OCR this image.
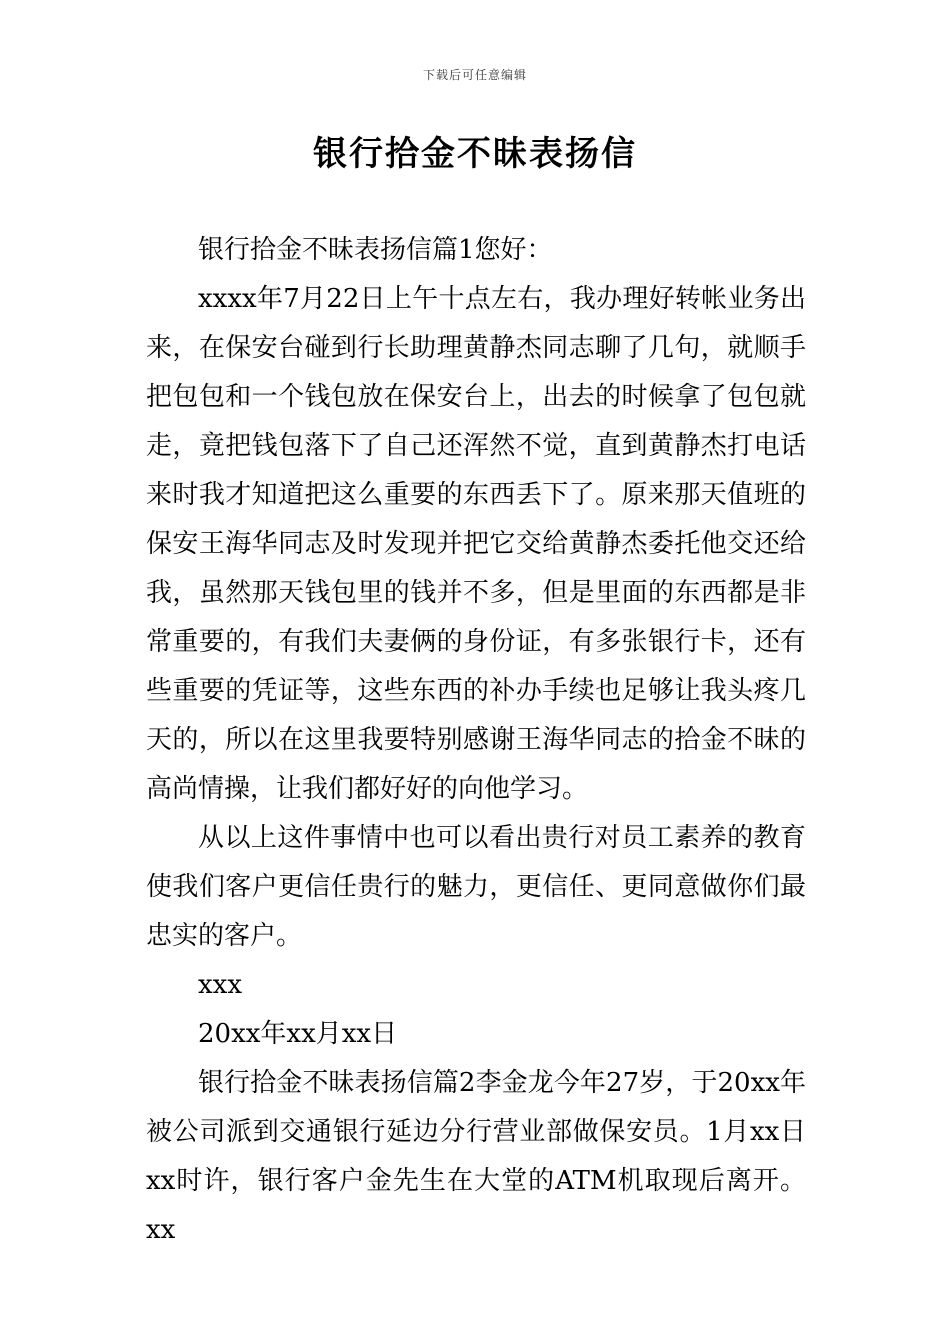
下载后可任意编辑
银行拾金不昧表扬信

银行拾金不昧表扬信篇1您好：

xxxx年7月22日上午十点左右，我办理好转帐业务出来，在保安台碰到行长助理黄静杰同志聊了几句，就顺手把包包和一个钱包放在保安台上，出去的时候拿了包包就走，竟把钱包落下了自己还浑然不觉，直到黄静杰打电话来时我才知道把这么重要的东西丢下了。原来那天值班的保安王海华同志及时发现并把它交给黄静杰委托他交还给我，虽然那天钱包里的钱并不多，但是里面的东西都是非常重要的，有我们夫妻俩的身份证，有多张银行卡，还有些重要的凭证等，这些东西的补办手续也足够让我头疼几天的，所以在这里我要特别感谢王海华同志的拾金不昧的高尚情操，让我们都好好的向他学习。

从以上这件事情中也可以看出贵行对员工素养的教育使我们客户更信任贵行的魅力，更信任、更同意做你们最忠实的客户。

xxx

20xx年xx月xx日

银行拾金不昧表扬信篇2李金龙今年27岁，于20xx年被公司派到交通银行延边分行营业部做保安员。1月xx日xx时许，银行客户金先生在大堂的ATM机取现后离开。xx
